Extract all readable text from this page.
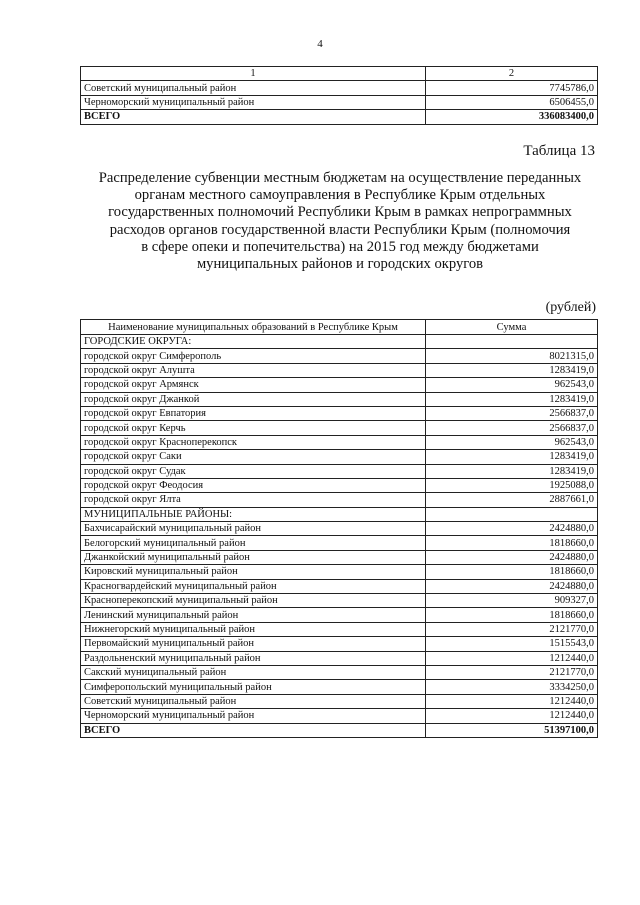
4
1	2
Советский муниципальный район	7745786,0
Черноморский муниципальный район	6506455,0
ВСЕГО	336083400,0
Таблица 13
Распределение субвенции местным бюджетам на осуществление переданных
органам местного самоуправления в Республике Крым отдельных
государственных полномочий Республики Крым в рамках непрограммных
расходов органов государственной власти Республики Крым (полномочия
в сфере опеки и попечительства) на 2015 год между бюджетами
муниципальных районов и городских округов
(рублей)
Наименование муниципальных образований в Республике Крым	Сумма
ГОРОДСКИЕ ОКРУГА:	
городской округ Симферополь	8021315,0
городской округ Алушта	1283419,0
городской округ Армянск	962543,0
городской округ Джанкой	1283419,0
городской округ Евпатория	2566837,0
городской округ Керчь	2566837,0
городской округ Красноперекопск	962543,0
городской округ Саки	1283419,0
городской округ Судак	1283419,0
городской округ Феодосия	1925088,0
городской округ Ялта	2887661,0
МУНИЦИПАЛЬНЫЕ РАЙОНЫ:	
Бахчисарайский муниципальный район	2424880,0
Белогорский муниципальный район	1818660,0
Джанкойский муниципальный район	2424880,0
Кировский муниципальный район	1818660,0
Красногвардейский муниципальный район	2424880,0
Красноперекопский муниципальный район	909327,0
Ленинский муниципальный район	1818660,0
Нижнегорский муниципальный район	2121770,0
Первомайский муниципальный район	1515543,0
Раздольненский муниципальный район	1212440,0
Сакский муниципальный район	2121770,0
Симферопольский муниципальный район	3334250,0
Советский муниципальный район	1212440,0
Черноморский муниципальный район	1212440,0
ВСЕГО	51397100,0
